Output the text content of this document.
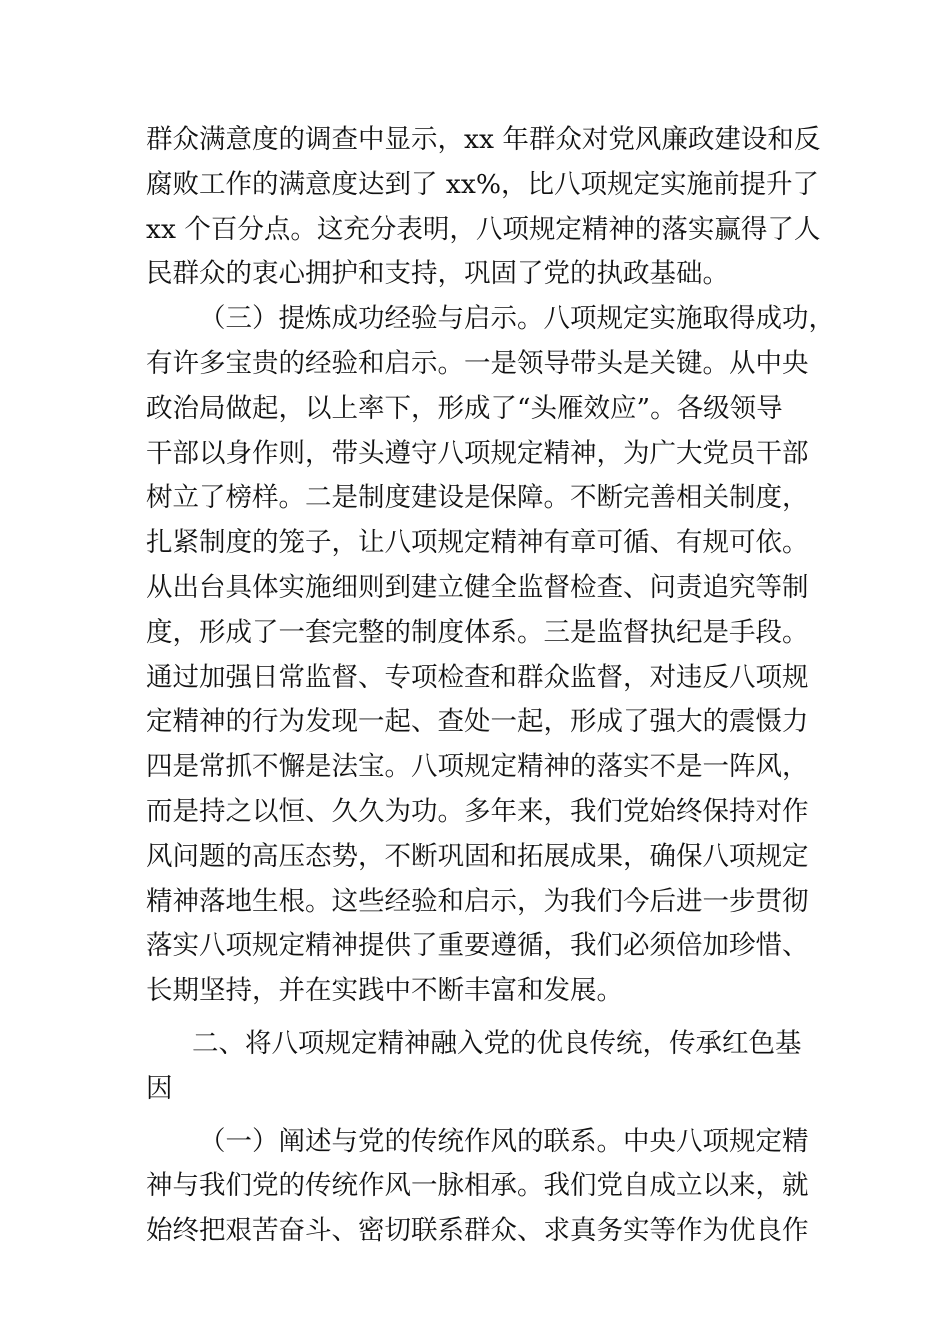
群众满意度的调查中显示，xx 年群众对党风廉政建设和反
腐败工作的满意度达到了 xx%，比八项规定实施前提升了
xx 个百分点。这充分表明，八项规定精神的落实赢得了人
民群众的衷心拥护和支持，巩固了党的执政基础。
（三）提炼成功经验与启示。八项规定实施取得成功，
有许多宝贵的经验和启示。一是领导带头是关键。从中央
政治局做起，以上率下，形成了“头雁效应”。各级领导
干部以身作则，带头遵守八项规定精神，为广大党员干部
树立了榜样。二是制度建设是保障。不断完善相关制度，
扎紧制度的笼子，让八项规定精神有章可循、有规可依。
从出台具体实施细则到建立健全监督检查、问责追究等制
度，形成了一套完整的制度体系。三是监督执纪是手段。
通过加强日常监督、专项检查和群众监督，对违反八项规
定精神的行为发现一起、查处一起，形成了强大的震慑力
四是常抓不懈是法宝。八项规定精神的落实不是一阵风，
而是持之以恒、久久为功。多年来，我们党始终保持对作
风问题的高压态势，不断巩固和拓展成果，确保八项规定
精神落地生根。这些经验和启示，为我们今后进一步贯彻
落实八项规定精神提供了重要遵循，我们必须倍加珍惜、
长期坚持，并在实践中不断丰富和发展。
二、将八项规定精神融入党的优良传统，传承红色基
因
（一）阐述与党的传统作风的联系。中央八项规定精
神与我们党的传统作风一脉相承。我们党自成立以来，就
始终把艰苦奋斗、密切联系群众、求真务实等作为优良作
